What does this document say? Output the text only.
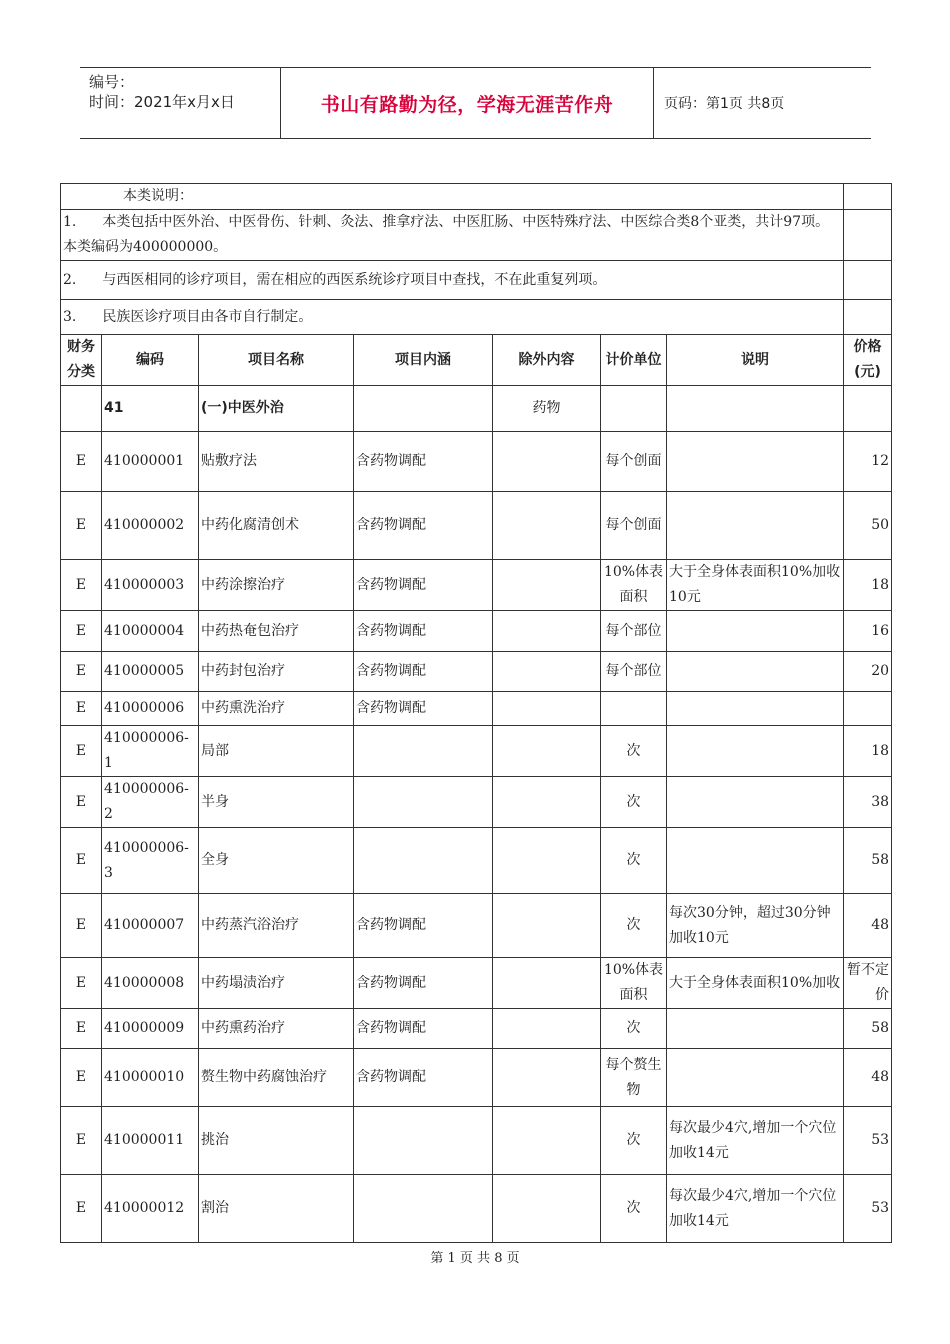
编号：
时间：2021年x月x日	书山有路勤为径，学海无涯苦作舟	页码：第1页 共8页
本类说明：							
1. 本类包括中医外治、中医骨伤、针刺、灸法、推拿疗法、中医肛肠、中医特殊疗法、中医综合类8个亚类，共计97项。本类编码为400000000。							
2. 与西医相同的诊疗项目，需在相应的西医系统诊疗项目中查找，不在此重复列项。							
3. 民族医诊疗项目由各市自行制定。							
财务分类	编码	项目名称	项目内涵	除外内容	计价单位	说明	价格(元)
	41	(一)中医外治		药物			
E	410000001	贴敷疗法	含药物调配		每个创面		12
E	410000002	中药化腐清创术	含药物调配		每个创面		50
E	410000003	中药涂擦治疗	含药物调配		10%体表面积	大于全身体表面积10%加收10元	18
E	410000004	中药热奄包治疗	含药物调配		每个部位		16
E	410000005	中药封包治疗	含药物调配		每个部位		20
E	410000006	中药熏洗治疗	含药物调配				
E	410000006-1	局部			次		18
E	410000006-2	半身			次		38
E	410000006-3	全身			次		58
E	410000007	中药蒸汽浴治疗	含药物调配		次	每次30分钟，超过30分钟加收10元	48
E	410000008	中药塌渍治疗	含药物调配		10%体表面积	大于全身体表面积10%加收	暂不定价
E	410000009	中药熏药治疗	含药物调配		次		58
E	410000010	赘生物中药腐蚀治疗	含药物调配		每个赘生物		48
E	410000011	挑治			次	每次最少4穴,增加一个穴位加收14元	53
E	410000012	割治			次	每次最少4穴,增加一个穴位加收14元	53
第 1 页 共 8 页
